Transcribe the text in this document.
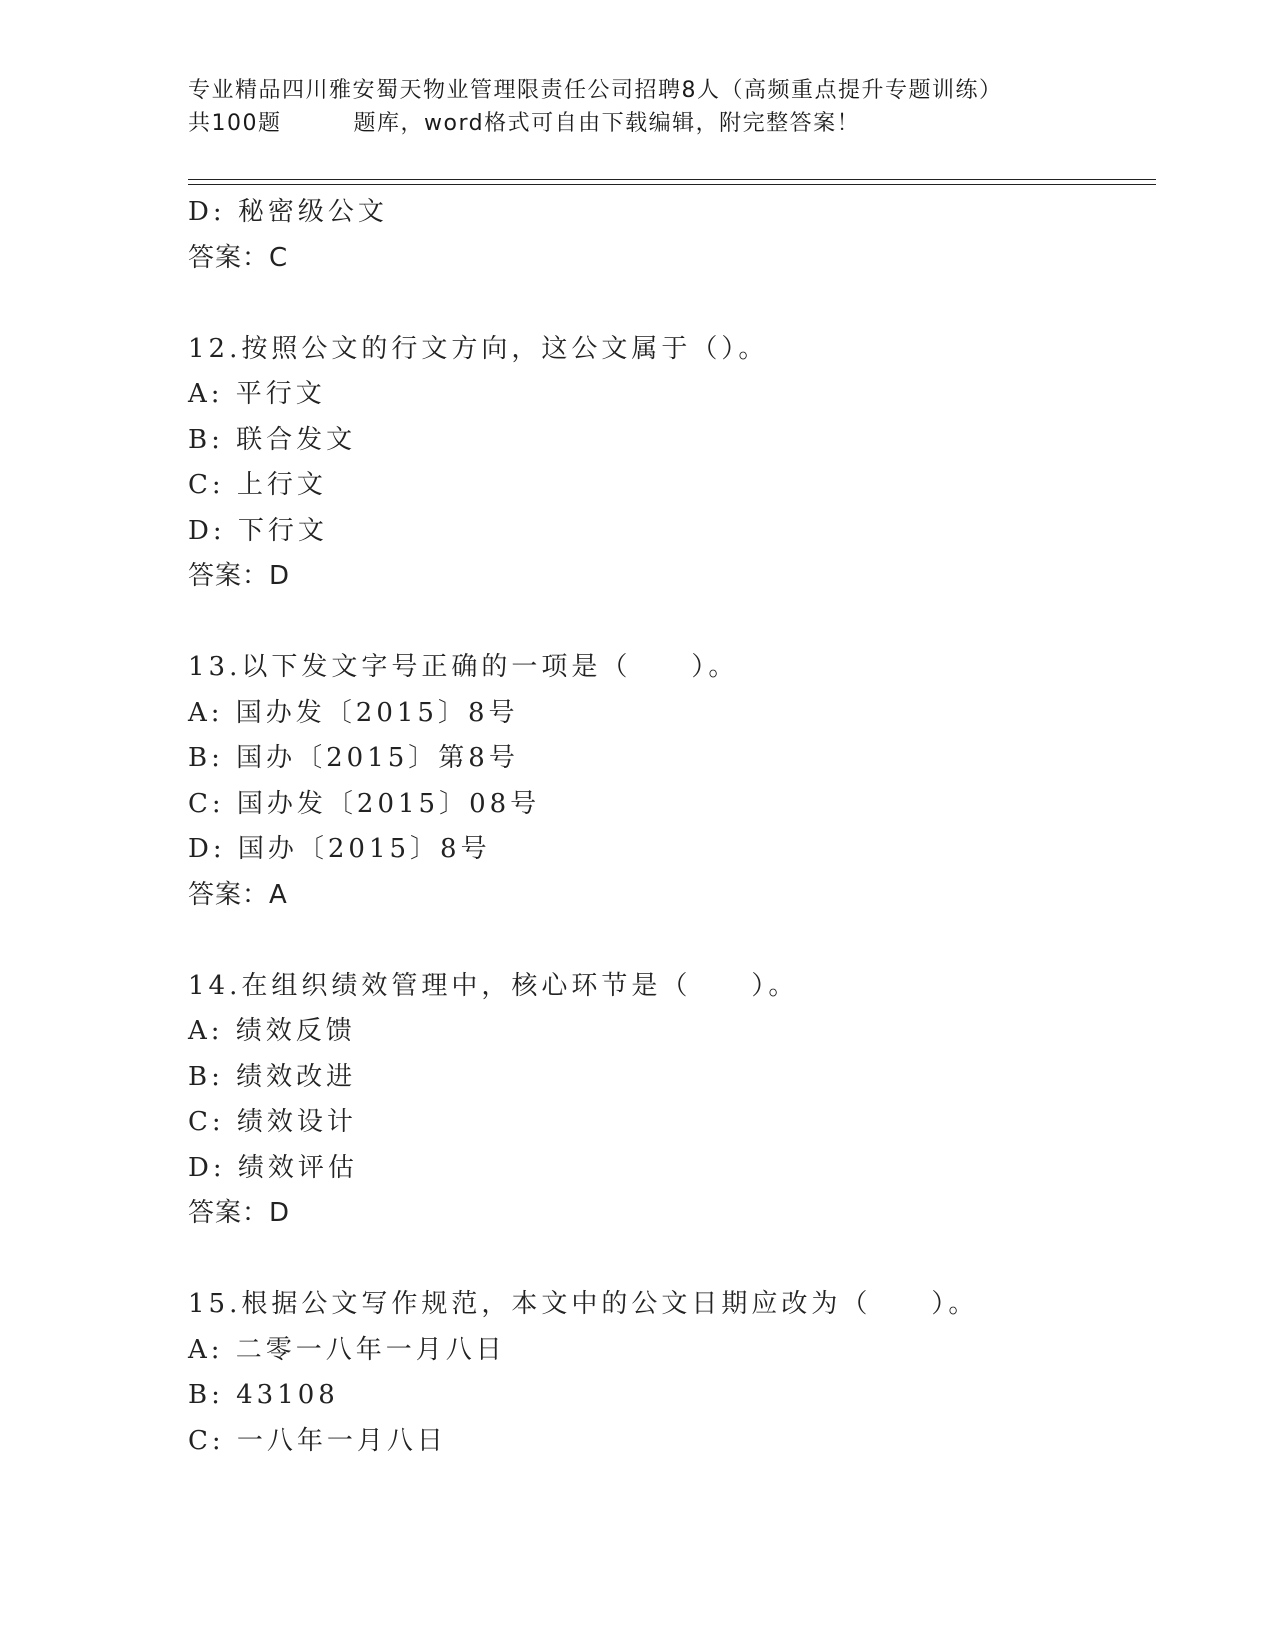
专业精品四川雅安蜀天物业管理限责任公司招聘8人（高频重点提升专题训练）
共100题	题库，word格式可自由下载编辑，附完整答案！
D: 秘密级公文
答案：C
12.按照公文的行文方向，这公文属于（）。
A: 平行文
B: 联合发文
C: 上行文
D: 下行文
答案：D
13.以下发文字号正确的一项是（　　）。
A: 国办发〔2015〕8号
B: 国办〔2015〕第8号
C: 国办发〔2015〕08号
D: 国办〔2015〕8号
答案：A
14.在组织绩效管理中，核心环节是（　　）。
A: 绩效反馈
B: 绩效改进
C: 绩效设计
D: 绩效评估
答案：D
15.根据公文写作规范，本文中的公文日期应改为（　　）。
A: 二零一八年一月八日
B: 43108
C: 一八年一月八日
